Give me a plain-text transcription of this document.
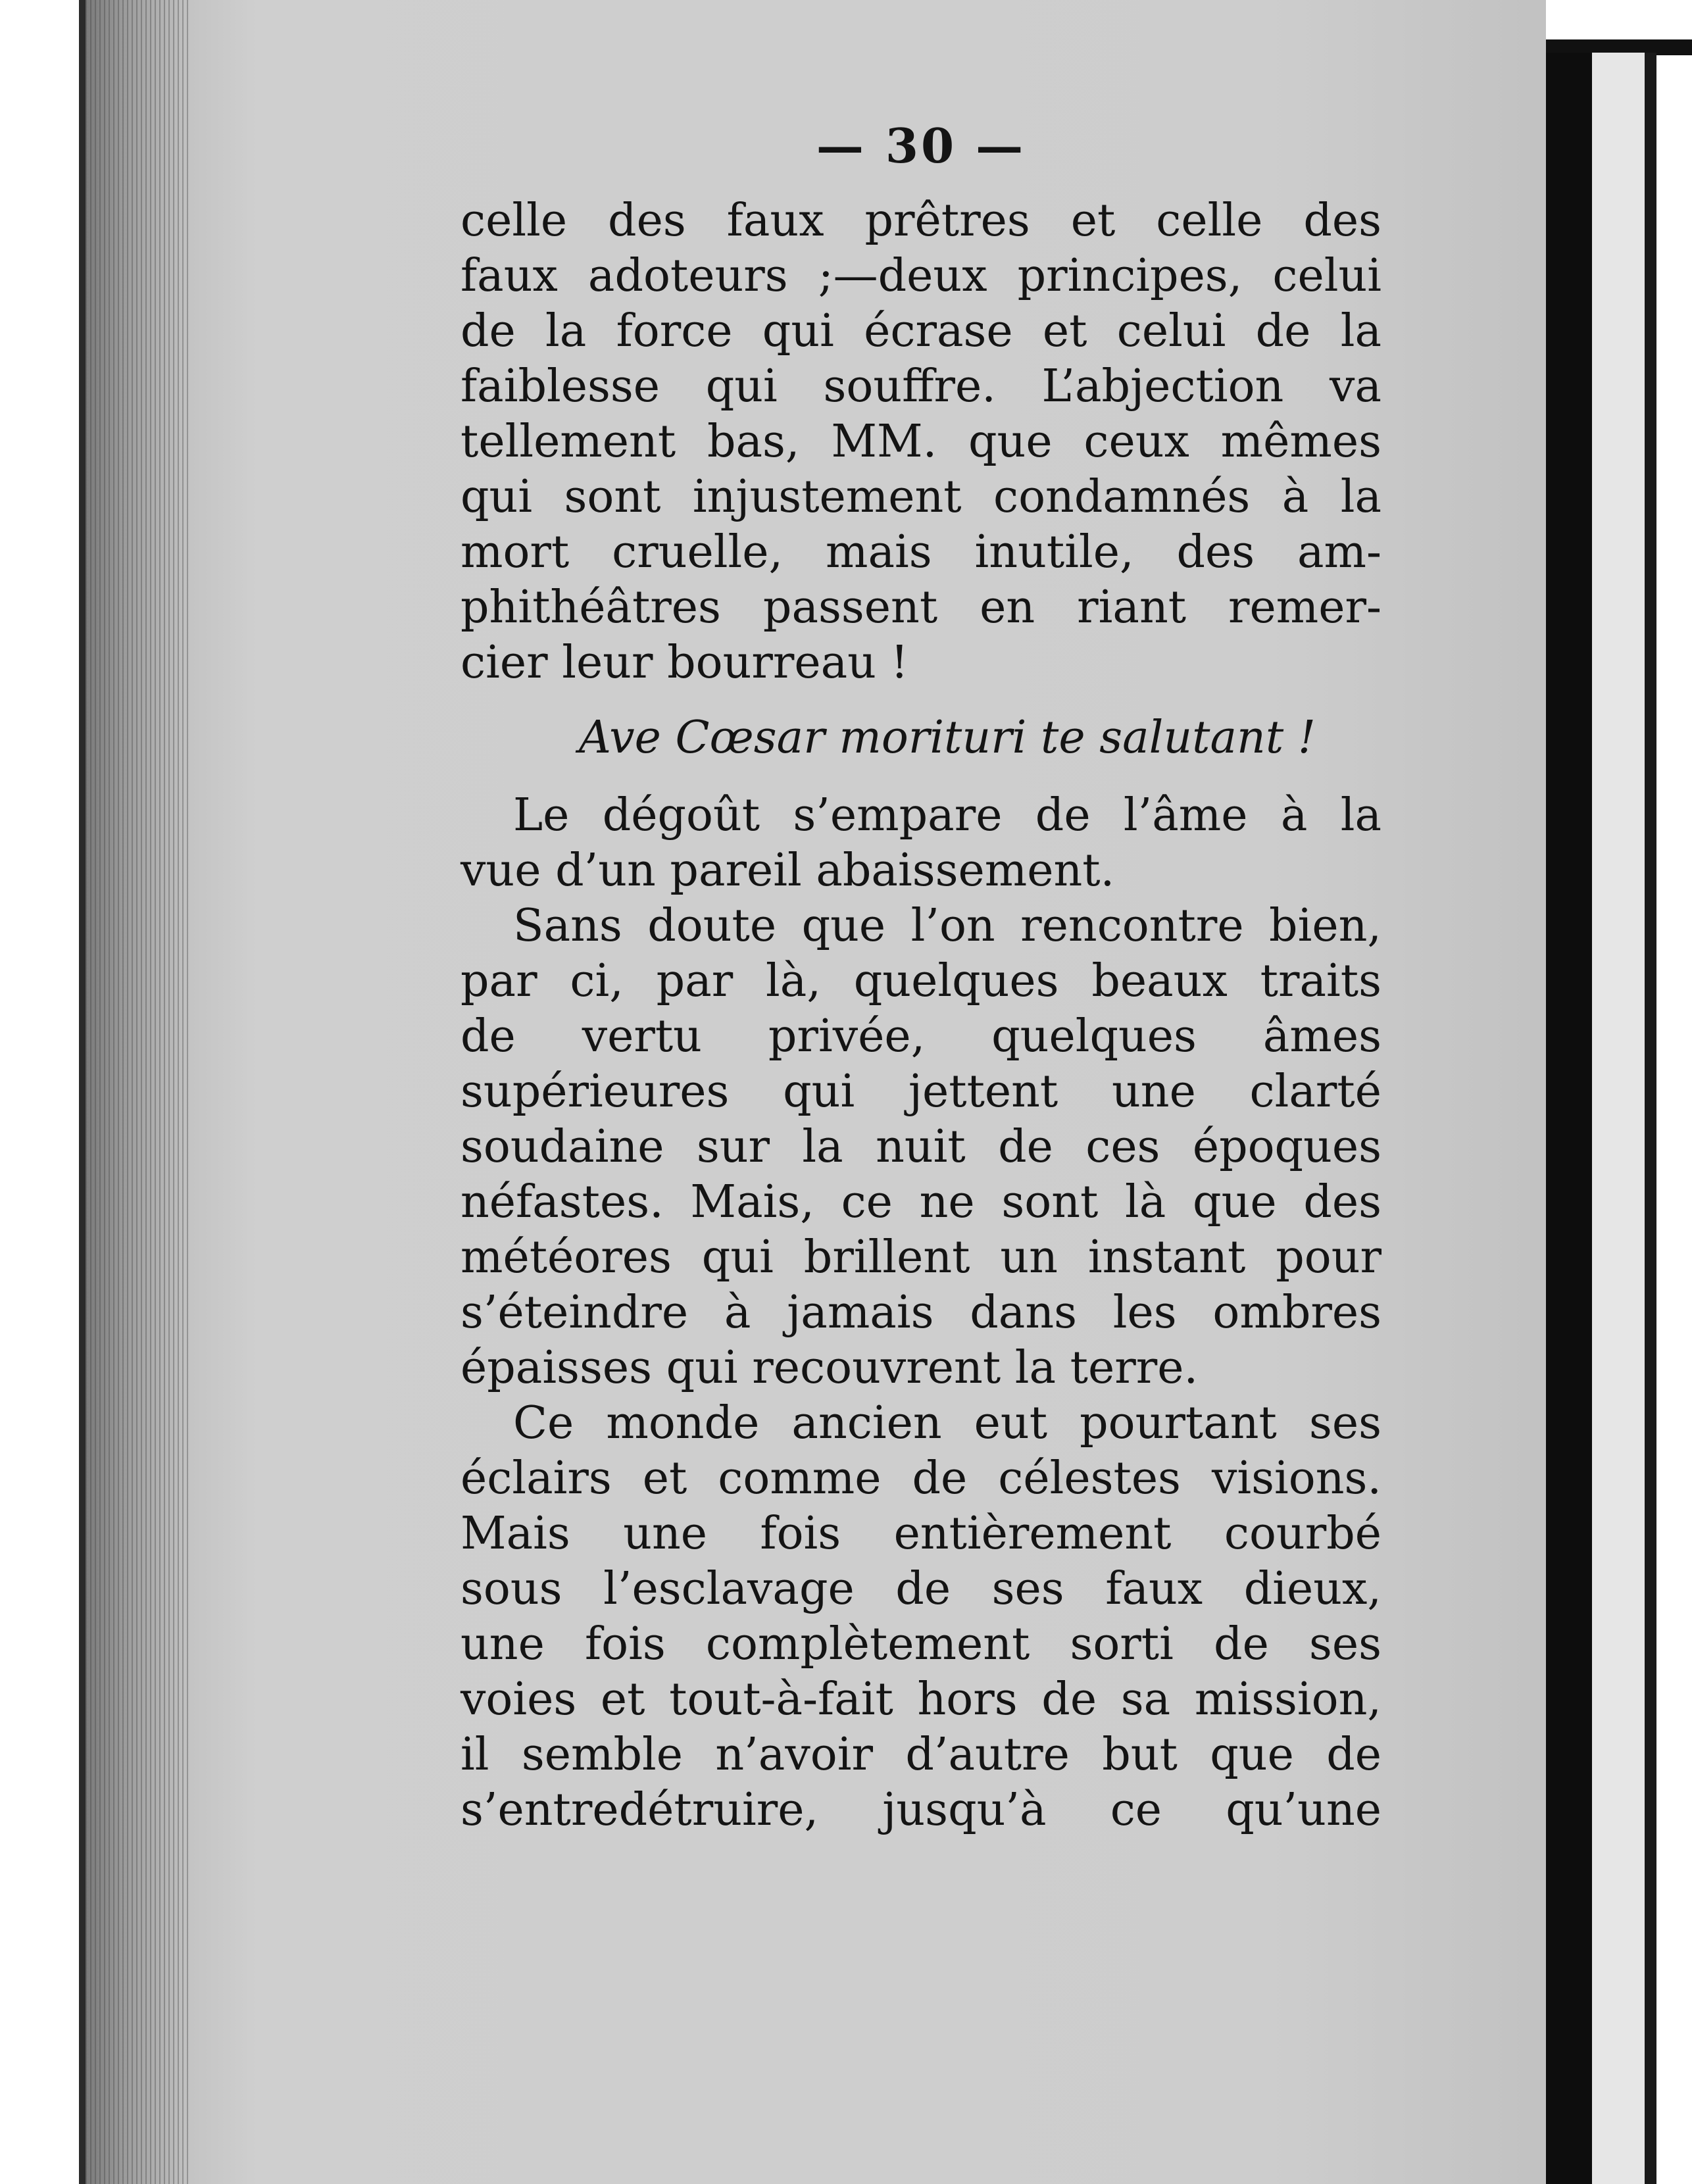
— 30 —
celle des faux prêtres et celle des
faux adoteurs ;—deux principes, celui
de la force qui écrase et celui de la
faiblesse qui souffre. L’abjection va
tellement bas, MM. que ceux mêmes
qui sont injustement condamnés à la
mort cruelle, mais inutile, des am-
phithéâtres passent en riant remer-
cier leur bourreau !
Ave Cœsar morituri te salutant !
Le dégoût s’empare de l’âme à la
vue d’un pareil abaissement.
Sans doute que l’on rencontre bien,
par ci, par là, quelques beaux traits
de vertu privée, quelques âmes
supérieures qui jettent une clarté
soudaine sur la nuit de ces époques
néfastes. Mais, ce ne sont là que des
météores qui brillent un instant pour
s’éteindre à jamais dans les ombres
épaisses qui recouvrent la terre.
Ce monde ancien eut pourtant ses
éclairs et comme de célestes visions.
Mais une fois entièrement courbé
sous l’esclavage de ses faux dieux,
une fois complètement sorti de ses
voies et tout-à-fait hors de sa mission,
il semble n’avoir d’autre but que de
s’entredétruire, jusqu’à ce qu’une
